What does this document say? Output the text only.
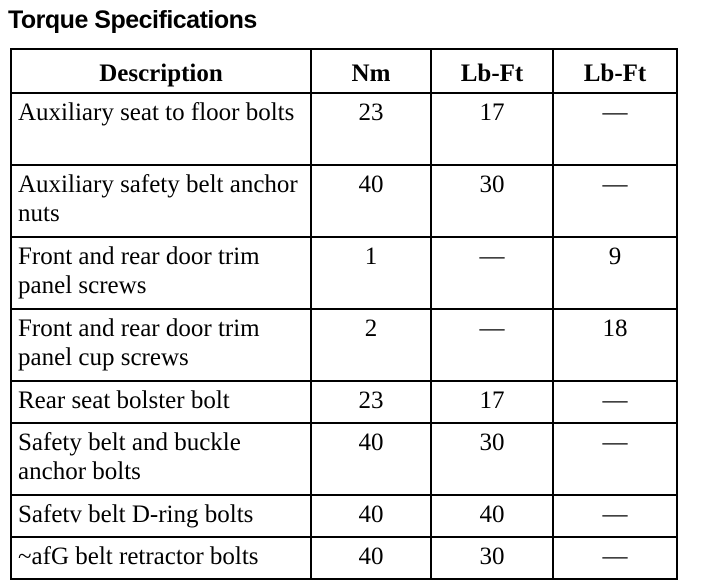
Torque Specifications
Description	Nm	Lb-Ft	Lb-Ft
Auxiliary seat to floor bolts	23	17	—
Auxiliary safety belt anchor nuts	40	30	—
Front and rear door trim panel screws	1	—	9
Front and rear door trim panel cup screws	2	—	18
Rear seat bolster bolt	23	17	—
Safety belt and buckle anchor bolts	40	30	—
Safetv belt D-ring bolts	40	40	—
~afG belt retractor bolts	40	30	—
